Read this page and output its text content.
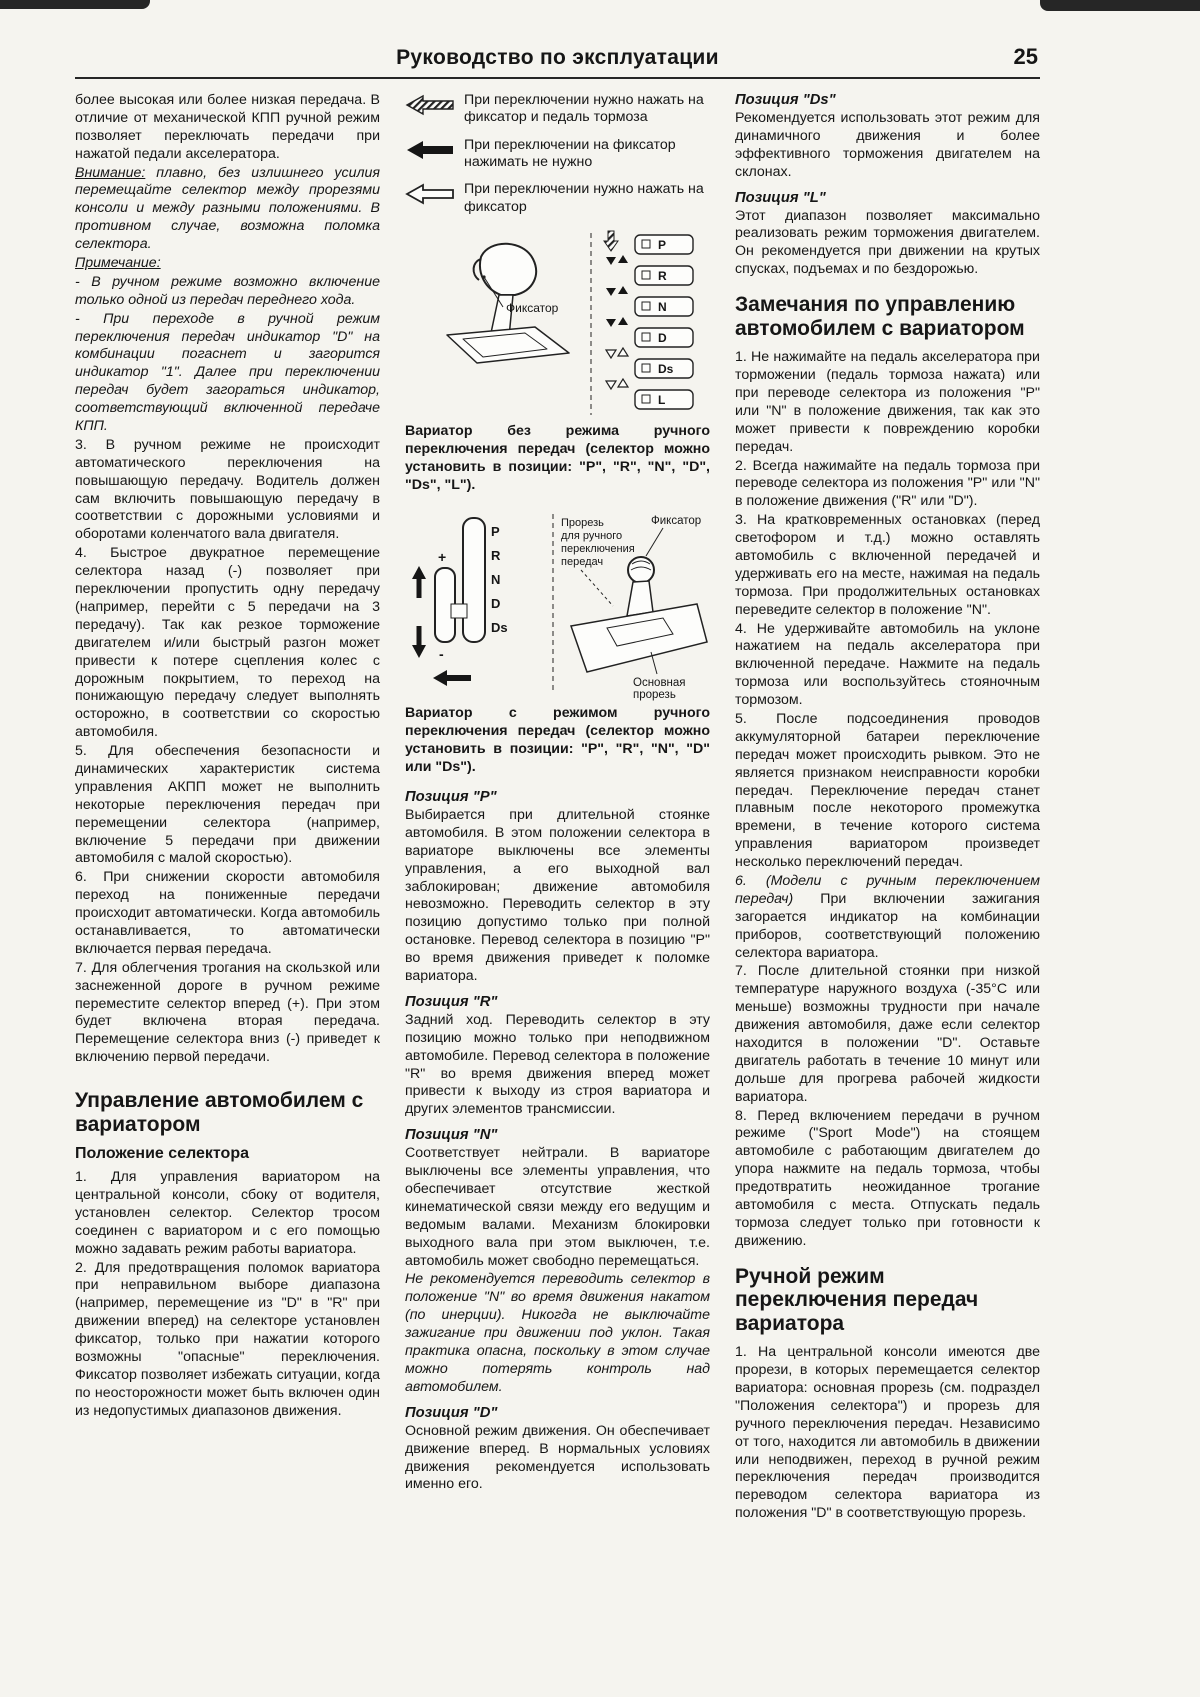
Руководство по эксплуатации	25

более высокая или более низкая передача. В отличие от механической КПП ручной режим позволяет переключать передачи при нажатой педали акселератора.

Внимание: плавно, без излишнего усилия перемещайте селектор между прорезями консоли и между разными положениями. В противном случае, возможна поломка селектора.

Примечание:

- В ручном режиме возможно включение только одной из передач переднего хода.

- При переходе в ручной режим переключения передач индикатор "D" на комбинации погаснет и загорится индикатор "1". Далее при переключении передач будет загораться индикатор, соответствующий включенной передаче КПП.

3. В ручном режиме не происходит автоматического переключения на повышающую передачу. Водитель должен сам включить повышающую передачу в соответствии с дорожными условиями и оборотами коленчатого вала двигателя.

4. Быстрое двукратное перемещение селектора назад (-) позволяет при переключении пропустить одну передачу (например, перейти с 5 передачи на 3 передачу). Так как резкое торможение двигателем и/или быстрый разгон может привести к потере сцепления колес с дорожным покрытием, то переход на понижающую передачу следует выполнять осторожно, в соответствии со скоростью автомобиля.

5. Для обеспечения безопасности и динамических характеристик система управления АКПП может не выполнить некоторые переключения передач при перемещении селектора (например, включение 5 передачи при движении автомобиля с малой скоростью).

6. При снижении скорости автомобиля переход на пониженные передачи происходит автоматически. Когда автомобиль останавливается, то автоматически включается первая передача.

7. Для облегчения трогания на скользкой или заснеженной дороге в ручном режиме переместите селектор вперед (+). При этом будет включена вторая передача. Перемещение селектора вниз (-) приведет к включению первой передачи.

Управление автомобилем с вариатором
Положение селектора

1. Для управления вариатором на центральной консоли, сбоку от водителя, установлен селектор. Селектор тросом соединен с вариатором и с его помощью можно задавать режим работы вариатора.

2. Для предотвращения поломок вариатора при неправильном выборе диапазона (например, перемещение из "D" в "R" при движении вперед) на селекторе установлен фиксатор, только при нажатии которого возможны "опасные" переключения. Фиксатор позволяет избежать ситуации, когда по неосторожности может быть включен один из недопустимых диапазонов движения.

При переключении нужно нажать на фиксатор и педаль тормоза

При переключении на фиксатор нажимать не нужно

При переключении нужно нажать на фиксатор

Фиксатор
P
R
N
D
Ds
L

Вариатор без режима ручного переключения передач (селектор можно установить в позиции: "P", "R", "N", "D", "Ds", "L").

+
-
P
R
N
D
Ds
Прорезь
для ручного
переключения
передач
Фиксатор
Основная
прорезь

Вариатор с режимом ручного переключения передач (селектор можно установить в позиции: "P", "R", "N", "D" или "Ds").

Позиция "P"

Выбирается при длительной стоянке автомобиля. В этом положении селектора в вариаторе выключены все элементы управления, а его выходной вал заблокирован; движение автомобиля невозможно. Переводить селектор в эту позицию допустимо только при полной остановке. Перевод селектора в позицию "P" во время движения приведет к поломке вариатора.

Позиция "R"

Задний ход. Переводить селектор в эту позицию можно только при неподвижном автомобиле. Перевод селектора в положение "R" во время движения вперед может привести к выходу из строя вариатора и других элементов трансмиссии.

Позиция "N"

Соответствует нейтрали. В вариаторе выключены все элементы управления, что обеспечивает отсутствие жесткой кинематической связи между его ведущим и ведомым валами. Механизм блокировки выходного вала при этом выключен, т.е. автомобиль может свободно перемещаться.

Не рекомендуется переводить селектор в положение "N" во время движения накатом (по инерции). Никогда не выключайте зажигание при движении под уклон. Такая практика опасна, поскольку в этом случае можно потерять контроль над автомобилем.

Позиция "D"

Основной режим движения. Он обеспечивает движение вперед. В нормальных условиях движения рекомендуется использовать именно его.

Позиция "Ds"

Рекомендуется использовать этот режим для динамичного движения и более эффективного торможения двигателем на склонах.

Позиция "L"

Этот диапазон позволяет максимально реализовать режим торможения двигателем. Он рекомендуется при движении на крутых спусках, подъемах и по бездорожью.

Замечания по управлению автомобилем с вариатором

1. Не нажимайте на педаль акселератора при торможении (педаль тормоза нажата) или при переводе селектора из положения "P" или "N" в положение движения, так как это может привести к повреждению коробки передач.

2. Всегда нажимайте на педаль тормоза при переводе селектора из положения "P" или "N" в положение движения ("R" или "D").

3. На кратковременных остановках (перед светофором и т.д.) можно оставлять автомобиль с включенной передачей и удерживать его на месте, нажимая на педаль тормоза. При продолжительных остановках переведите селектор в положение "N".

4. Не удерживайте автомобиль на уклоне нажатием на педаль акселератора при включенной передаче. Нажмите на педаль тормоза или воспользуйтесь стояночным тормозом.

5. После подсоединения проводов аккумуляторной батареи переключение передач может происходить рывком. Это не является признаком неисправности коробки передач. Переключение передач станет плавным после некоторого промежутка времени, в течение которого система управления вариатором произведет несколько переключений передач.

6. (Модели с ручным переключением передач) При включении зажигания загорается индикатор на комбинации приборов, соответствующий положению селектора вариатора.

7. После длительной стоянки при низкой температуре наружного воздуха (-35°C или меньше) возможны трудности при начале движения автомобиля, даже если селектор находится в положении "D". Оставьте двигатель работать в течение 10 минут или дольше для прогрева рабочей жидкости вариатора.

8. Перед включением передачи в ручном режиме ("Sport Mode") на стоящем автомобиле с работающим двигателем до упора нажмите на педаль тормоза, чтобы предотвратить неожиданное трогание автомобиля с места. Отпускать педаль тормоза следует только при готовности к движению.

Ручной режим переключения передач вариатора

1. На центральной консоли имеются две прорези, в которых перемещается селектор вариатора: основная прорезь (см. подраздел "Положения селектора") и прорезь для ручного переключения передач. Независимо от того, находится ли автомобиль в движении или неподвижен, переход в ручной режим переключения передач производится переводом селектора вариатора из положения "D" в соответствующую прорезь.
